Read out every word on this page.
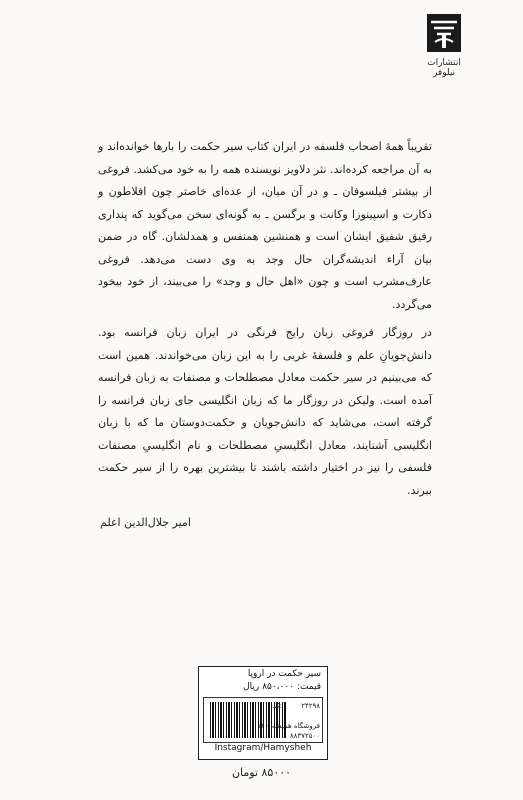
انتشارات نیلوفر

تقریباً همهٔ اصحاب فلسفه در ایران کتاب سیر حکمت را بارها خوانده‌اند و به آن مراجعه کرده‌اند. نثر دلاویز نویسنده همه را به خود می‌کشد. فروغی از بیشتر فیلسوفان ـ و در آن میان، از عده‌ای خاصتر چون افلاطون و دکارت و اسپینوزا وکانت و برگسن ـ به گونه‌ای سخن می‌گوید که پنداری رفیق شفیق ایشان است و همنشین همنفس و همدلشان. گاه در ضمن بیان آراء اندیشه‌گران حال وجد به وی دست می‌دهد. فروغی عارف‌مشرب است و چون «اهل حال و وجد» را می‌بیند، از خود بیخود می‌گردد.

در روزگار فروغی زبان رایج فرنگی در ایران زبان فرانسه بود. دانش‌جویانِ علم و فلسفهٔ غربی را به این زبان می‌خواندند. همین است که می‌بینیم در سیر حکمت معادل مصطلحات و مصنفات به زبان فرانسه آمده است. ولیکن در روزگار ما که زبان انگلیسی جای زبان فرانسه را گرفته است، می‌شاید که دانش‌جویان و حکمت‌دوستان ما که با زبان انگلیسی آشنایند، معادل انگلیسیِ مصطلحات و نام انگلیسیِ مصنفات فلسفی را نیز در اختیار داشته باشند تا بیشترین بهره را از سیر حکمت ببرند.

امیر جلال‌الدین اعلم
سیر حکمت در اروپا
قیمت: ۸۵۰،۰۰۰ ریال
۲۴۲۹۸
فروشگاه همیشه - ۱۶
۸۸۳۷۲۵۰۰
کد:
Instagram/Hamysheh
۸۵۰۰۰ تومان
